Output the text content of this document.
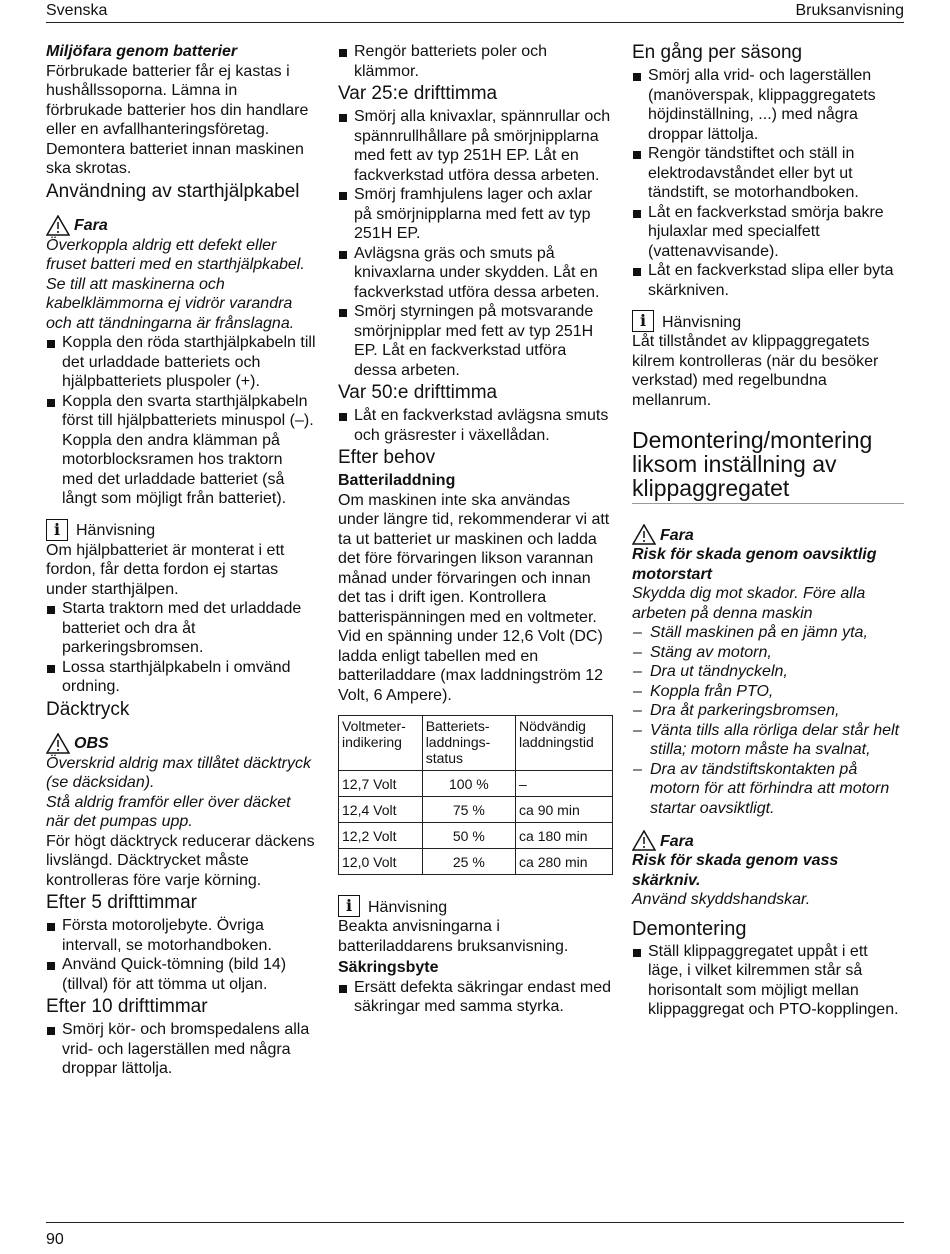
Svenska	Bruksanvisning

Miljöfara genom batterier

Förbrukade batterier får ej kastas i hushållssoporna. Lämna in förbrukade batterier hos din handlare eller en avfallhanteringsföretag.

Demontera batteriet innan maskinen ska skrotas.

Användning av starthjälpkabel
Fara

Överkoppla aldrig ett defekt eller fruset batteri med en starthjälpkabel.

Se till att maskinerna och kabelklämmorna ej vidrör varandra och att tändningarna är frånslagna.

Koppla den röda starthjälpkabeln till det urladdade batteriets och hjälpbatteriets pluspoler (+).
Koppla den svarta starthjälpkabeln först till hjälpbatteriets minuspol (–). Koppla den andra klämman på motorblocksramen hos traktorn med det urladdade batteriet (så långt som möjligt från batteriet).
i Hänvisning

Om hjälpbatteriet är monterat i ett fordon, får detta fordon ej startas under starthjälpen.

Starta traktorn med det urladdade batteriet och dra åt parkeringsbromsen.
Lossa starthjälpkabeln i omvänd ordning.
Däcktryck
OBS

Överskrid aldrig max tillåtet däcktryck (se däcksidan).

Stå aldrig framför eller över däcket när det pumpas upp.

För högt däcktryck reducerar däckens livslängd. Däcktrycket måste kontrolleras före varje körning.

Efter 5 drifttimmar
Första motoroljebyte. Övriga intervall, se motorhandboken.
Använd Quick-tömning (bild 14) (tillval) för att tömma ut oljan.
Efter 10 drifttimmar
Smörj kör- och bromspedalens alla vrid- och lagerställen med några droppar lättolja.
Rengör batteriets poler och klämmor.
Var 25:e drifttimma
Smörj alla knivaxlar, spännrullar och spännrullhållare på smörjnipplarna med fett av typ 251H EP. Låt en fackverkstad utföra dessa arbeten.
Smörj framhjulens lager och axlar på smörjnipplarna med fett av typ 251H EP.
Avlägsna gräs och smuts på knivaxlarna under skydden. Låt en fackverkstad utföra dessa arbeten.
Smörj styrningen på motsvarande smörjnipplar med fett av typ 251H EP. Låt en fackverkstad utföra dessa arbeten.
Var 50:e drifttimma
Låt en fackverkstad avlägsna smuts och gräsrester i växellådan.
Efter behov

Batteriladdning

Om maskinen inte ska användas under längre tid, rekommenderar vi att ta ut batteriet ur maskinen och ladda det före förvaringen likson varannan månad under förvaringen och innan det tas i drift igen. Kontrollera batterispänningen med en voltmeter. Vid en spänning under 12,6 Volt (DC) ladda enligt tabellen med en batteriladdare (max laddningström 12 Volt, 6 Ampere).

Voltmeter-indikering	Batteriets-laddnings-status	Nödvändig laddningstid
12,7 Volt	100 %	–
12,4 Volt	75 %	ca 90 min
12,2 Volt	50 %	ca 180 min
12,0 Volt	25 %	ca 280 min
i Hänvisning

Beakta anvisningarna i batteriladdarens bruksanvisning.

Säkringsbyte

Ersätt defekta säkringar endast med säkringar med samma styrka.
En gång per säsong
Smörj alla vrid- och lagerställen (manöverspak, klippaggregatets höjdinställning, ...) med några droppar lättolja.
Rengör tändstiftet och ställ in elektrodavståndet eller byt ut tändstift, se motorhandboken.
Låt en fackverkstad smörja bakre hjulaxlar med specialfett (vattenavvisande).
Låt en fackverkstad slipa eller byta skärkniven.
i Hänvisning

Låt tillståndet av klippaggregatets kilrem kontrolleras (när du besöker verkstad) med regelbundna mellanrum.

Demontering/montering liksom inställning av klippaggregatet
Fara

Risk för skada genom oavsiktlig motorstart

Skydda dig mot skador. Före alla arbeten på denna maskin

– Ställ maskinen på en jämn yta,
– Stäng av motorn,
– Dra ut tändnyckeln,
– Koppla från PTO,
– Dra åt parkeringsbromsen,
– Vänta tills alla rörliga delar står helt stilla; motorn måste ha svalnat,
– Dra av tändstiftskontakten på motorn för att förhindra att motorn startar oavsiktligt.
Fara

Risk för skada genom vass skärkniv.

Använd skyddshandskar.

Demontering
Ställ klippaggregatet uppåt i ett läge, i vilket kilremmen står så horisontalt som möjligt mellan klippaggregat och PTO-kopplingen.
90
